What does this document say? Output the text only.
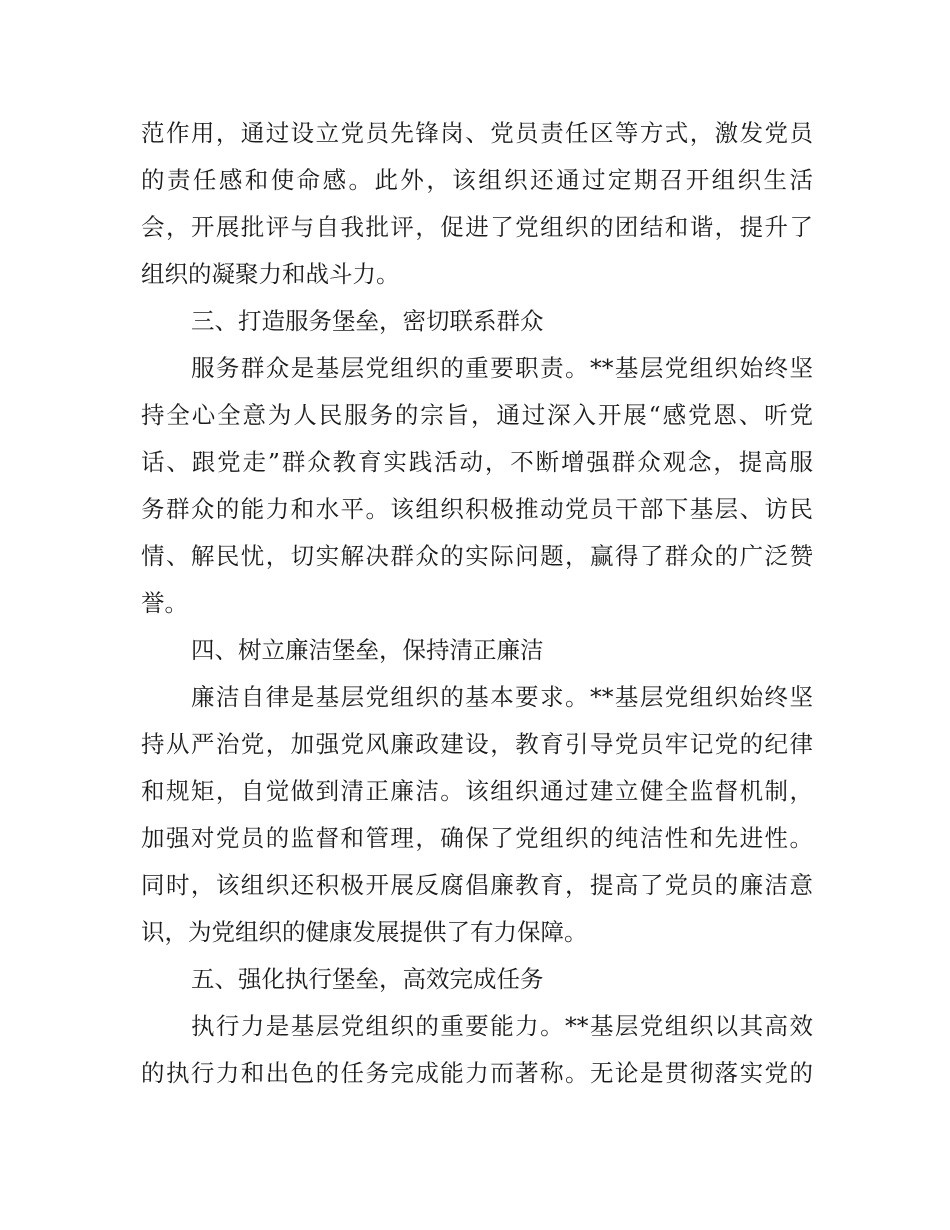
范作用，通过设立党员先锋岗、党员责任区等方式，激发党员
的责任感和使命感。此外，该组织还通过定期召开组织生活
会，开展批评与自我批评，促进了党组织的团结和谐，提升了
组织的凝聚力和战斗力。
三、打造服务堡垒，密切联系群众
服务群众是基层党组织的重要职责。**基层党组织始终坚
持全心全意为人民服务的宗旨，通过深入开展“感党恩、听党
话、跟党走”群众教育实践活动，不断增强群众观念，提高服
务群众的能力和水平。该组织积极推动党员干部下基层、访民
情、解民忧，切实解决群众的实际问题，赢得了群众的广泛赞
誉。
四、树立廉洁堡垒，保持清正廉洁
廉洁自律是基层党组织的基本要求。**基层党组织始终坚
持从严治党，加强党风廉政建设，教育引导党员牢记党的纪律
和规矩，自觉做到清正廉洁。该组织通过建立健全监督机制，
加强对党员的监督和管理，确保了党组织的纯洁性和先进性。
同时，该组织还积极开展反腐倡廉教育，提高了党员的廉洁意
识，为党组织的健康发展提供了有力保障。
五、强化执行堡垒，高效完成任务
执行力是基层党组织的重要能力。**基层党组织以其高效
的执行力和出色的任务完成能力而著称。无论是贯彻落实党的
